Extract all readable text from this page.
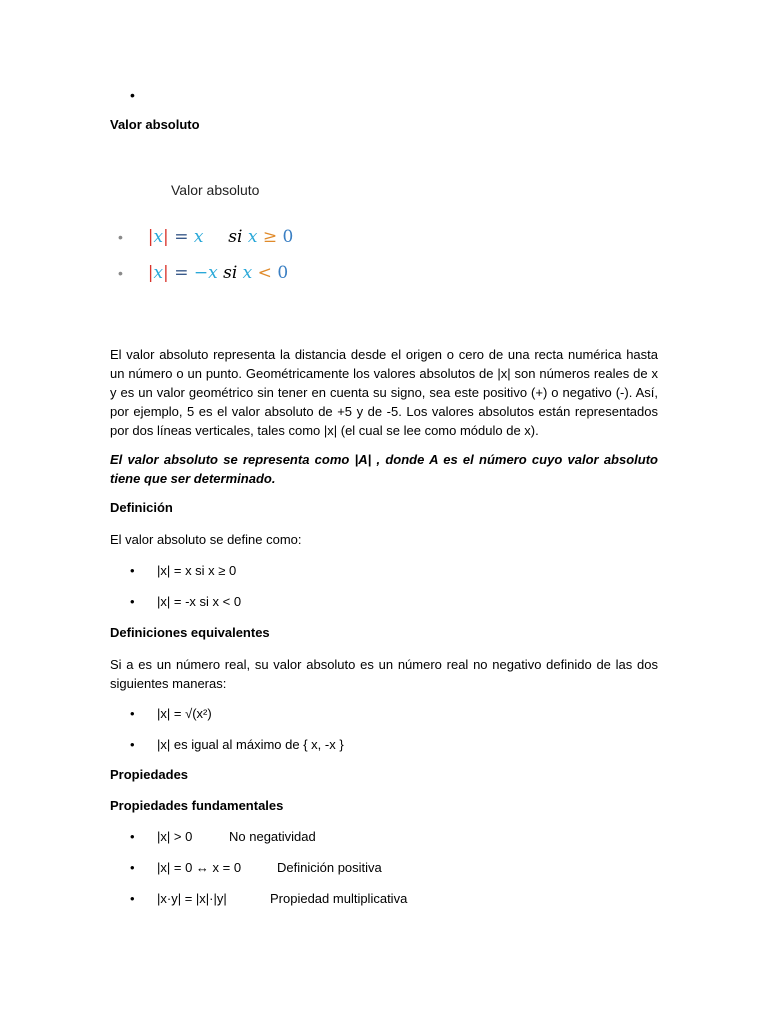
•
Valor absoluto
Valor absoluto
• |x| = x si x ≥ 0
• |x| = −x si x < 0
El valor absoluto representa la distancia desde el origen o cero de una recta numérica hasta un número o un punto. Geométricamente los valores absolutos de |x| son números reales de x y es un valor geométrico sin tener en cuenta su signo, sea este positivo (+) o negativo (-). Así, por ejemplo, 5 es el valor absoluto de +5 y de -5. Los valores absolutos están representados por dos líneas verticales, tales como |x| (el cual se lee como módulo de x).
El valor absoluto se representa como |A| , donde A es el número cuyo valor absoluto tiene que ser determinado.
Definición
El valor absoluto se define como:
• |x| = x si x ≥ 0
• |x| = -x si x < 0
Definiciones equivalentes
Si a es un número real, su valor absoluto es un número real no negativo definido de las dos siguientes maneras:
• |x| = √(x²)
• |x| es igual al máximo de { x, -x }
Propiedades
Propiedades fundamentales
• |x| > 0	No negatividad
• |x| = 0 ↔ x = 0	Definición positiva
• |x·y| = |x|·|y|	Propiedad multiplicativa
